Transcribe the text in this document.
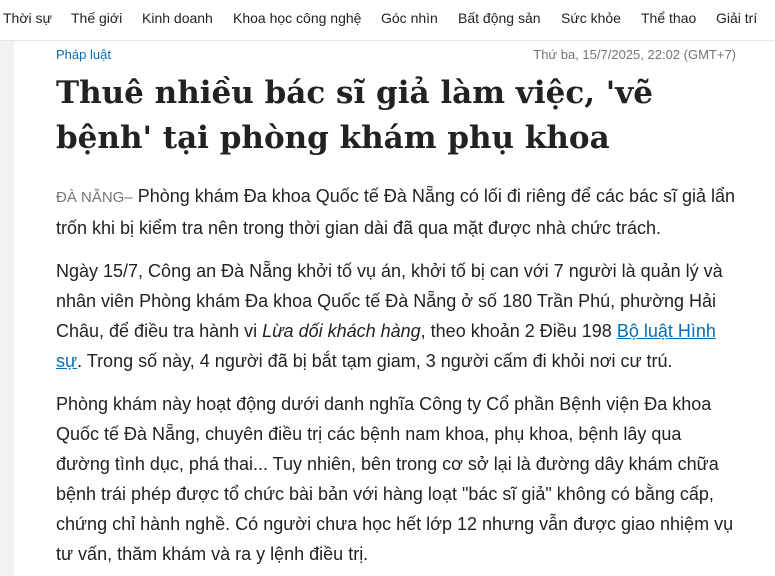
Thời sự Thế giới Kinh doanh Khoa học công nghệ Góc nhìn Bất động sản Sức khỏe Thể thao Giải trí
Pháp luật	Thứ ba, 15/7/2025, 22:02 (GMT+7)
Thuê nhiều bác sĩ giả làm việc, 'vẽ bệnh' tại phòng khám phụ khoa

ĐÀ NẴNG– Phòng khám Đa khoa Quốc tế Đà Nẵng có lối đi riêng để các bác sĩ giả lẩn trốn khi bị kiểm tra nên trong thời gian dài đã qua mặt được nhà chức trách.

Ngày 15/7, Công an Đà Nẵng khởi tố vụ án, khởi tố bị can với 7 người là quản lý và nhân viên Phòng khám Đa khoa Quốc tế Đà Nẵng ở số 180 Trần Phú, phường Hải Châu, để điều tra hành vi Lừa dối khách hàng, theo khoản 2 Điều 198 Bộ luật Hình sự. Trong số này, 4 người đã bị bắt tạm giam, 3 người cấm đi khỏi nơi cư trú.

Phòng khám này hoạt động dưới danh nghĩa Công ty Cổ phần Bệnh viện Đa khoa Quốc tế Đà Nẵng, chuyên điều trị các bệnh nam khoa, phụ khoa, bệnh lây qua đường tình dục, phá thai... Tuy nhiên, bên trong cơ sở lại là đường dây khám chữa bệnh trái phép được tổ chức bài bản với hàng loạt "bác sĩ giả" không có bằng cấp, chứng chỉ hành nghề. Có người chưa học hết lớp 12 nhưng vẫn được giao nhiệm vụ tư vấn, thăm khám và ra y lệnh điều trị.
